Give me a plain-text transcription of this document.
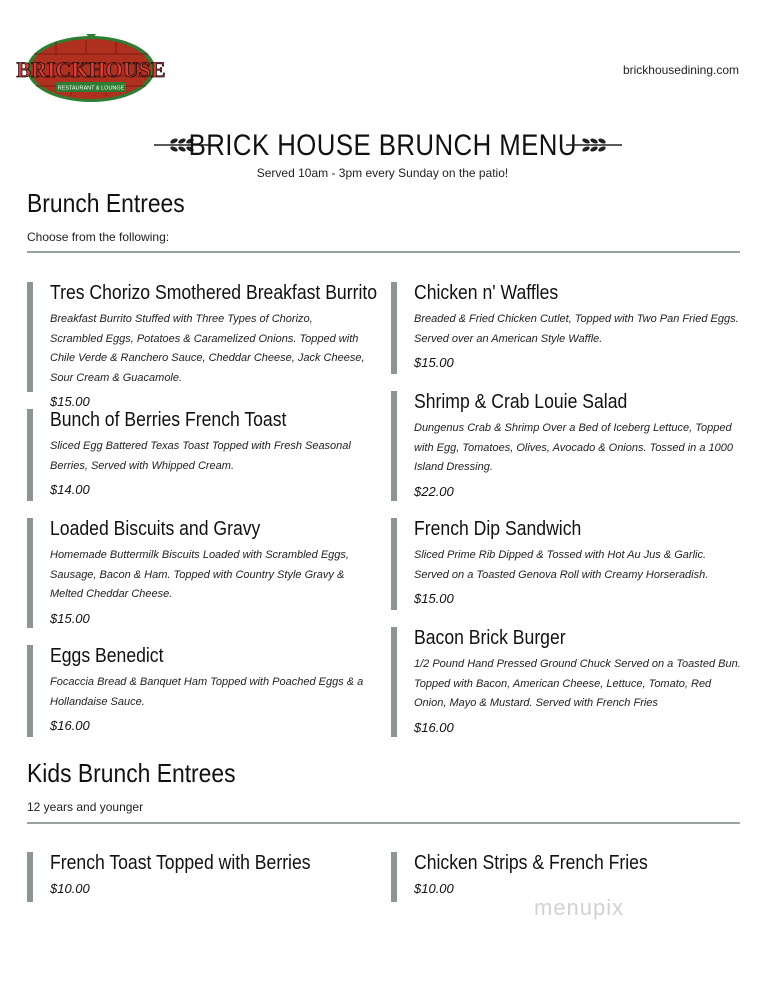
BRICKHOUSE
RESTAURANT & LOUNGE
brickhousedining.com
BRICK HOUSE BRUNCH MENU
Served 10am - 3pm every Sunday on the patio!
Brunch Entrees
Choose from the following:
Tres Chorizo Smothered Breakfast Burrito
Breakfast Burrito Stuffed with Three Types of Chorizo, Scrambled Eggs, Potatoes & Caramelized Onions. Topped with Chile Verde & Ranchero Sauce, Cheddar Cheese, Jack Cheese, Sour Cream & Guacamole.
$15.00
Bunch of Berries French Toast
Sliced Egg Battered Texas Toast Topped with Fresh Seasonal Berries, Served with Whipped Cream.
$14.00
Loaded Biscuits and Gravy
Homemade Buttermilk Biscuits Loaded with Scrambled Eggs, Sausage, Bacon & Ham. Topped with Country Style Gravy & Melted Cheddar Cheese.
$15.00
Eggs Benedict
Focaccia Bread & Banquet Ham Topped with Poached Eggs & a Hollandaise Sauce.
$16.00
Chicken n' Waffles
Breaded & Fried Chicken Cutlet, Topped with Two Pan Fried Eggs. Served over an American Style Waffle.
$15.00
Shrimp & Crab Louie Salad
Dungenus Crab & Shrimp Over a Bed of Iceberg Lettuce, Topped with Egg, Tomatoes, Olives, Avocado & Onions. Tossed in a 1000 Island Dressing.
$22.00
French Dip Sandwich
Sliced Prime Rib Dipped & Tossed with Hot Au Jus & Garlic. Served on a Toasted Genova Roll with Creamy Horseradish.
$15.00
Bacon Brick Burger
1/2 Pound Hand Pressed Ground Chuck Served on a Toasted Bun. Topped with Bacon, American Cheese, Lettuce, Tomato, Red Onion, Mayo & Mustard. Served with French Fries
$16.00
Kids Brunch Entrees
12 years and younger
French Toast Topped with Berries
$10.00
Chicken Strips & French Fries
$10.00
menupix
